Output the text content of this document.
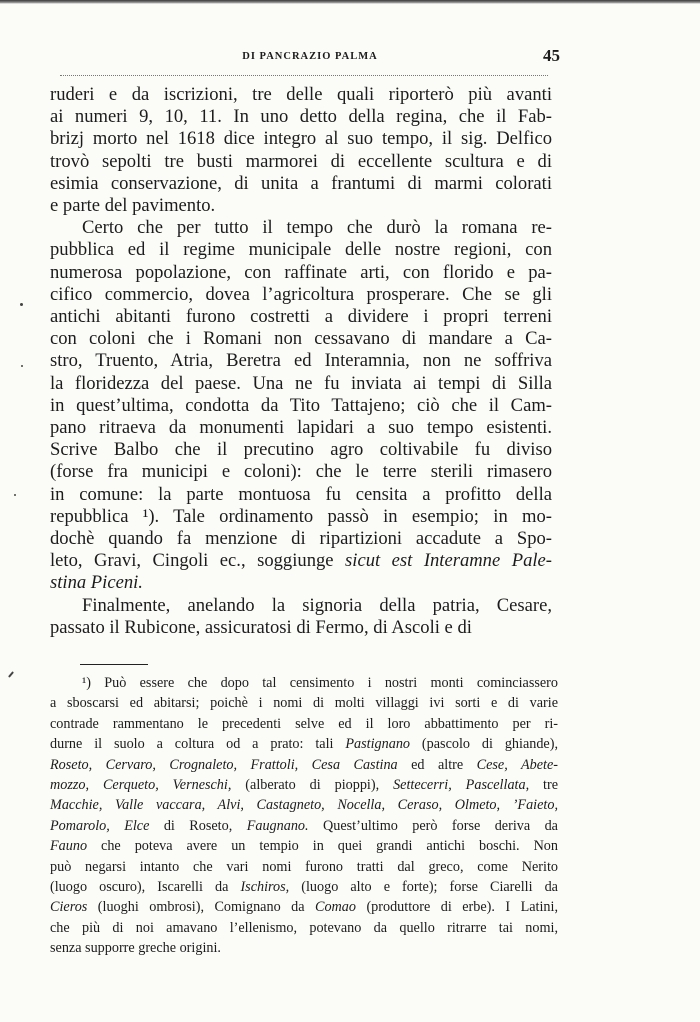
DI PANCRAZIO PALMA	45

ruderi e da iscrizioni, tre delle quali riporterò più avanti
ai numeri 9, 10, 11. In uno detto della regina, che il Fab-
brizj morto nel 1618 dice integro al suo tempo, il sig. Delfico
trovò sepolti tre busti marmorei di eccellente scultura e di
esimia conservazione, di unita a frantumi di marmi colorati
e parte del pavimento.

Certo che per tutto il tempo che durò la romana re-
pubblica ed il regime municipale delle nostre regioni, con
numerosa popolazione, con raffinate arti, con florido e pa-
cifico commercio, dovea l’agricoltura prosperare. Che se gli
antichi abitanti furono costretti a dividere i propri terreni
con coloni che i Romani non cessavano di mandare a Ca-
stro, Truento, Atria, Beretra ed Interamnia, non ne soffriva
la floridezza del paese. Una ne fu inviata ai tempi di Silla
in quest’ultima, condotta da Tito Tattajeno; ciò che il Cam-
pano ritraeva da monumenti lapidari a suo tempo esistenti.
Scrive Balbo che il precutino agro coltivabile fu diviso
(forse fra municipi e coloni): che le terre sterili rimasero
in comune: la parte montuosa fu censita a profitto della
repubblica ¹). Tale ordinamento passò in esempio; in mo-
dochè quando fa menzione di ripartizioni accadute a Spo-
leto, Gravi, Cingoli ec., soggiunge sicut est Interamne Pale-
stina Piceni.

Finalmente, anelando la signoria della patria, Cesare,
passato il Rubicone, assicuratosi di Fermo, di Ascoli e di

¹) Può essere che dopo tal censimento i nostri monti cominciassero
a sboscarsi ed abitarsi; poichè i nomi di molti villaggi ivi sorti e di varie
contrade rammentano le precedenti selve ed il loro abbattimento per ri-
durne il suolo a coltura od a prato: tali Pastignano (pascolo di ghiande),
Roseto, Cervaro, Crognaleto, Frattoli, Cesa Castina ed altre Cese, Abete-
mozzo, Cerqueto, Verneschi, (alberato di pioppi), Settecerri, Pascellata, tre
Macchie, Valle vaccara, Alvi, Castagneto, Nocella, Ceraso, Olmeto, ’Faieto,
Pomarolo, Elce di Roseto, Faugnano. Quest’ultimo però forse deriva da
Fauno che poteva avere un tempio in quei grandi antichi boschi. Non
può negarsi intanto che vari nomi furono tratti dal greco, come Nerito
(luogo oscuro), Iscarelli da Ischiros, (luogo alto e forte); forse Ciarelli da
Cieros (luoghi ombrosi), Comignano da Comao (produttore di erbe). I Latini,
che più di noi amavano l’ellenismo, potevano da quello ritrarre tai nomi,
senza supporre greche origini.
